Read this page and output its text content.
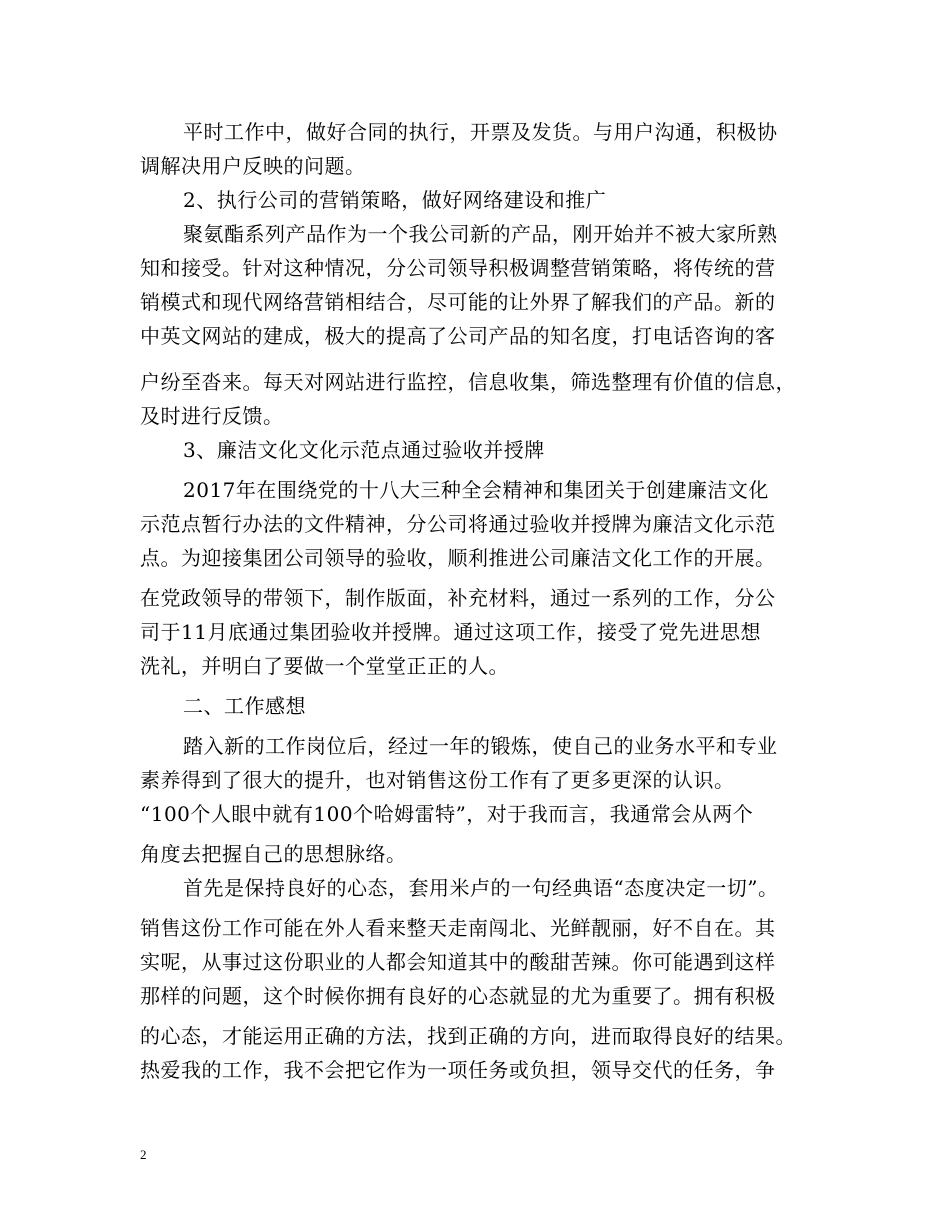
平时工作中，做好合同的执行，开票及发货。与用户沟通，积极协
调解决用户反映的问题。
2、执行公司的营销策略，做好网络建设和推广
聚氨酯系列产品作为一个我公司新的产品，刚开始并不被大家所熟
知和接受。针对这种情况，分公司领导积极调整营销策略，将传统的营
销模式和现代网络营销相结合，尽可能的让外界了解我们的产品。新的
中英文网站的建成，极大的提高了公司产品的知名度，打电话咨询的客
户纷至沓来。每天对网站进行监控，信息收集，筛选整理有价值的信息，
及时进行反馈。
3、廉洁文化文化示范点通过验收并授牌
2017年在围绕党的十八大三种全会精神和集团关于创建廉洁文化
示范点暂行办法的文件精神，分公司将通过验收并授牌为廉洁文化示范
点。为迎接集团公司领导的验收，顺利推进公司廉洁文化工作的开展。
在党政领导的带领下，制作版面，补充材料，通过一系列的工作，分公
司于11月底通过集团验收并授牌。通过这项工作，接受了党先进思想
洗礼，并明白了要做一个堂堂正正的人。
二、工作感想
踏入新的工作岗位后，经过一年的锻炼，使自己的业务水平和专业
素养得到了很大的提升，也对销售这份工作有了更多更深的认识。
“100个人眼中就有100个哈姆雷特”，对于我而言，我通常会从两个
角度去把握自己的思想脉络。
首先是保持良好的心态，套用米卢的一句经典语“态度决定一切”。
销售这份工作可能在外人看来整天走南闯北、光鲜靓丽，好不自在。其
实呢，从事过这份职业的人都会知道其中的酸甜苦辣。你可能遇到这样
那样的问题，这个时候你拥有良好的心态就显的尤为重要了。拥有积极
的心态，才能运用正确的方法，找到正确的方向，进而取得良好的结果。
热爱我的工作，我不会把它作为一项任务或负担，领导交代的任务，争
2
